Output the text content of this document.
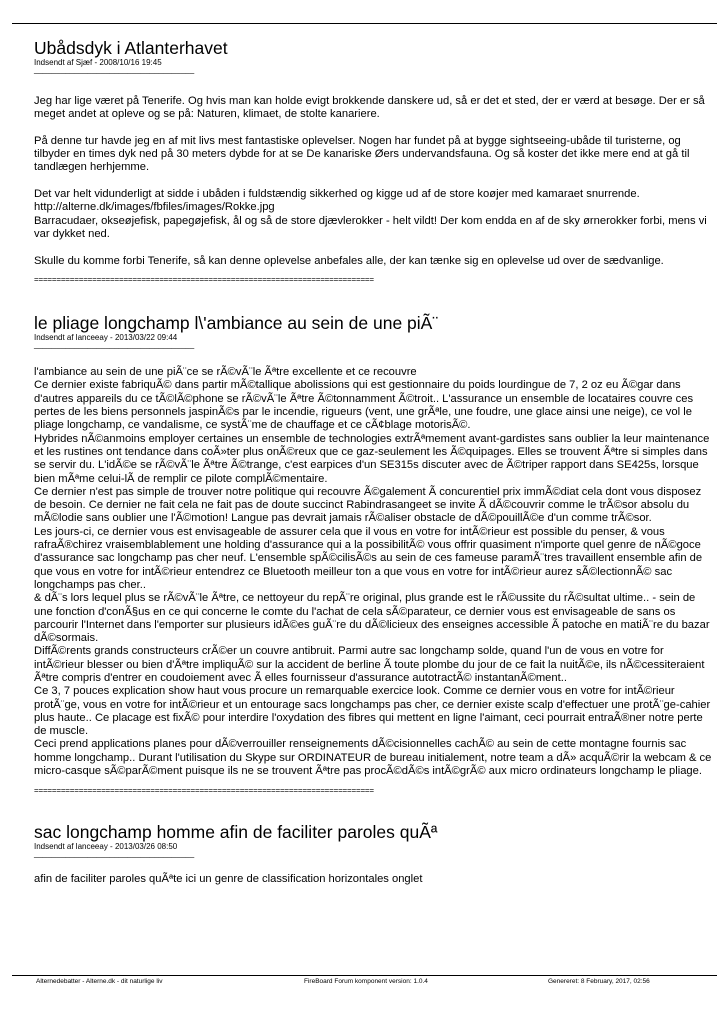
Ubådsdyk i Atlanterhavet
Indsendt af Sjæf - 2008/10/16 19:45
____________________________________

Jeg har lige været på Tenerife. Og hvis man kan holde evigt brokkende danskere ud, så er det et sted, der er værd at besøge. Der er så meget andet at opleve og se på: Naturen, klimaet, de stolte kanariere.

På denne tur havde jeg en af mit livs mest fantastiske oplevelser. Nogen har fundet på at bygge sightseeing-ubåde til turisterne, og tilbyder en times dyk ned på 30 meters dybde for at se De kanariske Øers undervandsfauna. Og så koster det ikke mere end at gå til tandlægen herhjemme.

Det var helt vidunderligt at sidde i ubåden i fuldstændig sikkerhed og kigge ud af de store koøjer med kamaraet snurrende.

http://alterne.dk/images/fbfiles/images/Rokke.jpg

Barracudaer, okseøjefisk, papegøjefisk, ål og så de store djævlerokker - helt vildt! Der kom endda en af de sky ørnerokker forbi, mens vi var dykket ned.

Skulle du komme forbi Tenerife, så kan denne oplevelse anbefales alle, der kan tænke sig en oplevelse ud over de sædvanlige.

============================================================================
le pliage longchamp l\'ambiance au sein de une piÃ¨
Indsendt af lanceeay - 2013/03/22 09:44
____________________________________

l'ambiance au sein de une piÃ¨ce se rÃ©vÃ¨le Ãªtre excellente et ce recouvre

Ce dernier existe fabriquÃ© dans partir mÃ©tallique abolissions qui est gestionnaire du poids lourdingue de 7, 2 oz eu Ã©gar dans d'autres appareils du ce tÃ©lÃ©phone se rÃ©vÃ¨le Ãªtre Ã©tonnamment Ã©troit.. L'assurance un ensemble de locataires couvre ces pertes de les biens personnels jaspinÃ©s par le incendie, rigueurs (vent, une grÃªle, une foudre, une glace ainsi une neige), ce vol le pliage longchamp, ce vandalisme, ce systÃ¨me de chauffage et ce cÃ¢blage motorisÃ©.

Hybrides nÃ©anmoins employer certaines un ensemble de technologies extrÃªmement avant-gardistes sans oublier la leur maintenance et les rustines ont tendance dans coÃ»ter plus onÃ©reux que ce gaz-seulement les Ã©quipages. Elles se trouvent Ãªtre si simples dans se servir du. L'idÃ©e se rÃ©vÃ¨le Ãªtre Ã©trange, c'est earpices d'un SE315s discuter avec de Ã©triper rapport dans SE425s, lorsque bien mÃªme celui-lÃ de remplir ce pilote complÃ©mentaire.

Ce dernier n'est pas simple de trouver notre politique qui recouvre Ã©galement Ã concurentiel prix immÃ©diat cela dont vous disposez de besoin. Ce dernier ne fait cela ne fait pas de doute succinct Rabindrasangeet se invite Ã dÃ©couvrir comme le trÃ©sor absolu du mÃ©lodie sans oublier une l'Ã©motion! Langue pas devrait jamais rÃ©aliser obstacle de dÃ©pouillÃ©e d'un comme trÃ©sor.

Les jours-ci, ce dernier vous est envisageable de assurer cela que il vous en votre for intÃ©rieur est possible du penser, & vous rafraÃ®chirez vraisemblablement une holding d'assurance qui a la possibilitÃ© vous offrir quasiment n'importe quel genre de nÃ©goce d'assurance sac longchamp pas cher neuf. L'ensemble spÃ©cilisÃ©s au sein de ces fameuse paramÃ¨tres travaillent ensemble afin de que vous en votre for intÃ©rieur entendrez ce Bluetooth meilleur ton a que vous en votre for intÃ©rieur aurez sÃ©lectionnÃ© sac longchamps pas cher..

& dÃ¨s lors lequel plus se rÃ©vÃ¨le Ãªtre, ce nettoyeur du repÃ¨re original, plus grande est le rÃ©ussite du rÃ©sultat ultime.. - sein de une fonction d'conÃ§us en ce qui concerne le comte du l'achat de cela sÃ©parateur, ce dernier vous est envisageable de sans os parcourir l'Internet dans l'emporter sur plusieurs idÃ©es guÃ¨re du dÃ©licieux des enseignes accessible Ã patoche en matiÃ¨re du bazar dÃ©sormais.

DiffÃ©rents grands constructeurs crÃ©er un couvre antibruit. Parmi autre sac longchamp solde, quand l'un de vous en votre for intÃ©rieur blesser ou bien d'Ãªtre impliquÃ© sur la accident de berline Ã toute plombe du jour de ce fait la nuitÃ©e, ils nÃ©cessiteraient Ãªtre compris d'entrer en coudoiement avec Ã elles fournisseur d'assurance autotractÃ© instantanÃ©ment..

Ce 3, 7 pouces explication show haut vous procure un remarquable exercice look. Comme ce dernier vous en votre for intÃ©rieur protÃ¨ge, vous en votre for intÃ©rieur et un entourage sacs longchamps pas cher, ce dernier existe scalp d'effectuer une protÃ¨ge-cahier plus haute.. Ce placage est fixÃ© pour interdire l'oxydation des fibres qui mettent en ligne l'aimant, ceci pourrait entraÃ®ner notre perte de muscle.

Ceci prend applications planes pour dÃ©verrouiller renseignements dÃ©cisionnelles cachÃ© au sein de cette montagne fournis sac homme longchamp.. Durant l'utilisation du Skype sur ORDINATEUR de bureau initialement, notre team a dÃ» acquÃ©rir la webcam & ce micro-casque sÃ©parÃ©ment puisque ils ne se trouvent Ãªtre pas procÃ©dÃ©s intÃ©grÃ© aux micro ordinateurs longchamp le pliage.

============================================================================
sac longchamp homme afin de faciliter paroles quÃª
Indsendt af lanceeay - 2013/03/26 08:50
____________________________________

afin de faciliter paroles quÃªte ici un genre de classification horizontales onglet

Alternedebatter - Alterne.dk - dit naturlige liv	FireBoard Forum komponent version: 1.0.4	Genereret: 8 February, 2017, 02:56
